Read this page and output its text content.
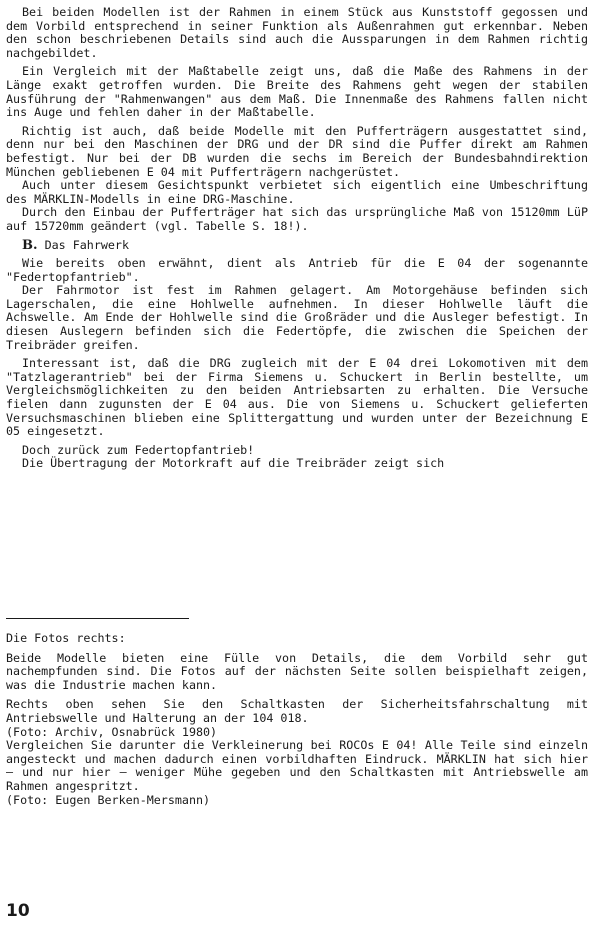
Bei beiden Modellen ist der Rahmen in einem Stück aus Kunststoff gegossen und dem Vorbild entsprechend in seiner Funktion als Außenrahmen gut erkennbar. Neben den schon beschriebenen Details sind auch die Aussparungen in dem Rahmen richtig nachgebildet.

Ein Vergleich mit der Maßtabelle zeigt uns, daß die Maße des Rahmens in der Länge exakt getroffen wurden. Die Breite des Rahmens geht wegen der stabilen Ausführung der "Rahmenwangen" aus dem Maß. Die Innenmaße des Rahmens fallen nicht ins Auge und fehlen daher in der Maßtabelle.

Richtig ist auch, daß beide Modelle mit den Pufferträgern ausgestattet sind, denn nur bei den Maschinen der DRG und der DR sind die Puffer direkt am Rahmen befestigt. Nur bei der DB wurden die sechs im Bereich der Bundesbahndirektion München gebliebenen E 04 mit Pufferträgern nachgerüstet.

Auch unter diesem Gesichtspunkt verbietet sich eigentlich eine Umbeschriftung des MÄRKLIN-Modells in eine DRG-Maschine.

Durch den Einbau der Pufferträger hat sich das ursprüngliche Maß von 15120mm LüP auf 15720mm geändert (vgl. Tabelle S. 18!).

B. Das Fahrwerk

Wie bereits oben erwähnt, dient als Antrieb für die E 04 der sogenannte "Federtopfantrieb".

Der Fahrmotor ist fest im Rahmen gelagert. Am Motorgehäuse befinden sich Lagerschalen, die eine Hohlwelle aufnehmen. In dieser Hohlwelle läuft die Achswelle. Am Ende der Hohlwelle sind die Großräder und die Ausleger befestigt. In diesen Auslegern befinden sich die Federtöpfe, die zwischen die Speichen der Treibräder greifen.

Interessant ist, daß die DRG zugleich mit der E 04 drei Lokomotiven mit dem "Tatzlagerantrieb" bei der Firma Siemens u. Schuckert in Berlin bestellte, um Vergleichsmöglichkeiten zu den beiden Antriebsarten zu erhalten. Die Versuche fielen dann zugunsten der E 04 aus. Die von Siemens u. Schuckert gelieferten Versuchsmaschinen blieben eine Splittergattung und wurden unter der Bezeichnung E 05 eingesetzt.

Doch zurück zum Federtopfantrieb!

Die Übertragung der Motorkraft auf die Treibräder zeigt sich

Die Fotos rechts:

Beide Modelle bieten eine Fülle von Details, die dem Vorbild sehr gut nachempfunden sind. Die Fotos auf der nächsten Seite sollen beispielhaft zeigen, was die Industrie machen kann.

Rechts oben sehen Sie den Schaltkasten der Sicherheitsfahrschaltung mit Antriebswelle und Halterung an der 104 018.

(Foto: Archiv, Osnabrück 1980)

Vergleichen Sie darunter die Verkleinerung bei ROCOs E 04! Alle Teile sind einzeln angesteckt und machen dadurch einen vorbildhaften Eindruck. MÄRKLIN hat sich hier – und nur hier – weniger Mühe gegeben und den Schaltkasten mit Antriebswelle am Rahmen angespritzt.

(Foto: Eugen Berken-Mersmann)

10
